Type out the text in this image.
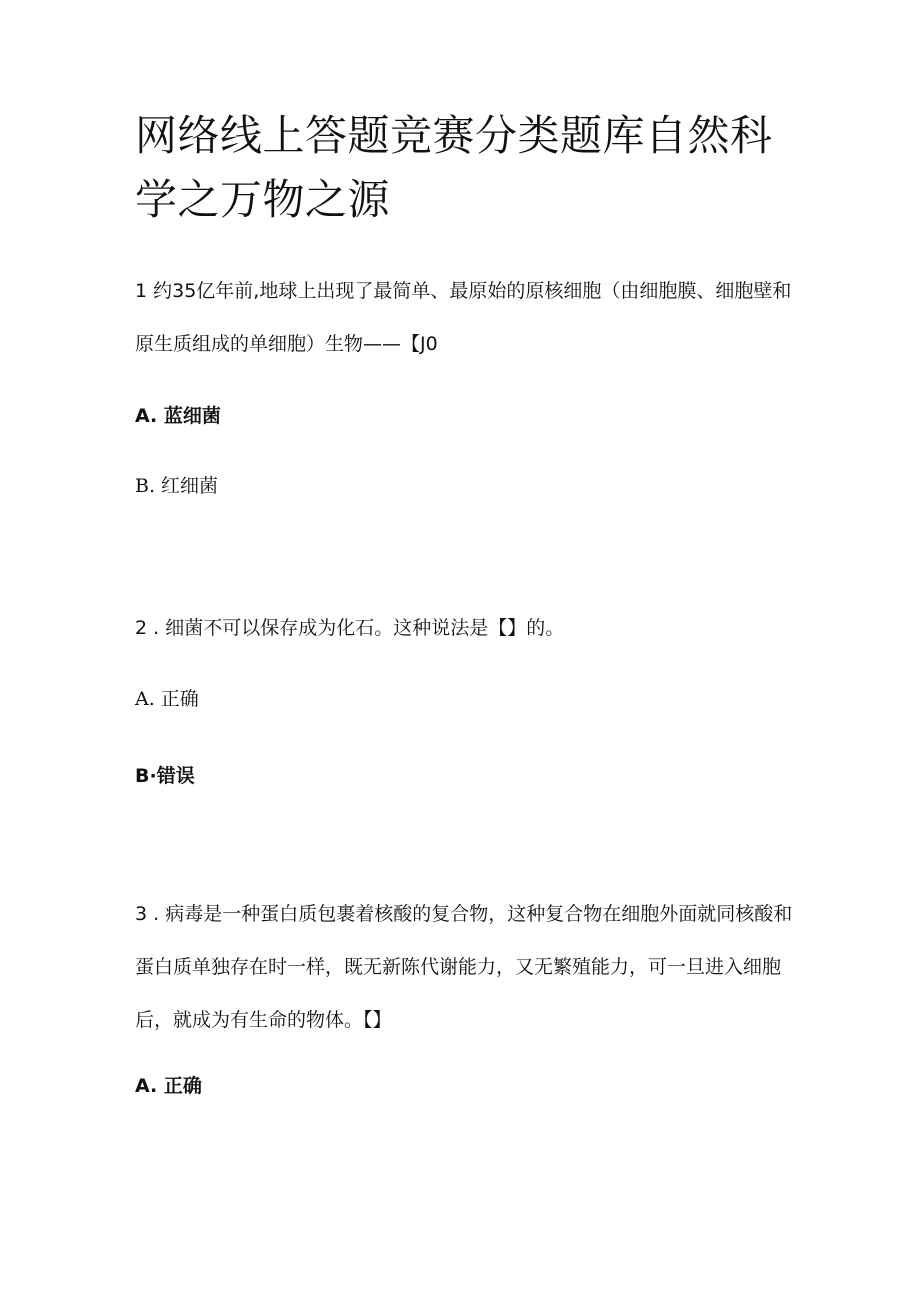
网络线上答题竞赛分类题库自然科学之万物之源

1 约35亿年前,地球上出现了最简单、最原始的原核细胞（由细胞膜、细胞壁和原生质组成的单细胞）生物——【J0

A. 蓝细菌

B. 红细菌

2 . 细菌不可以保存成为化石。这种说法是【】的。

A. 正确

B·错误

3 . 病毒是一种蛋白质包裹着核酸的复合物，这种复合物在细胞外面就同核酸和蛋白质单独存在时一样，既无新陈代谢能力，又无繁殖能力，可一旦进入细胞后，就成为有生命的物体。【】

A. 正确
